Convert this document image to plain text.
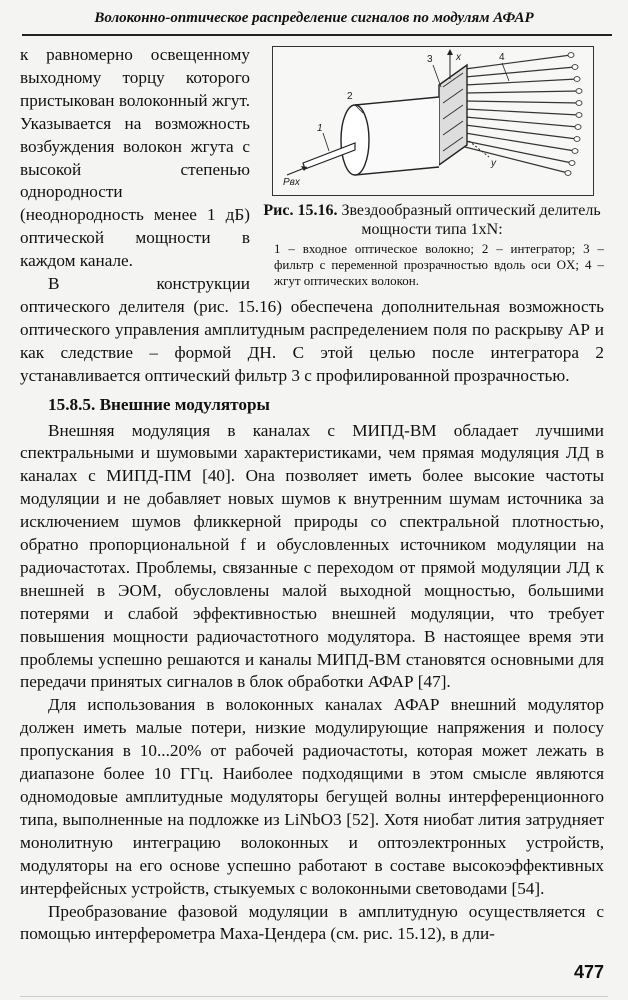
Волоконно-оптическое распределение сигналов по модулям АФАР
3	4
x
2
1
y
Pвх
Рис. 15.16. Звездообразный оптический делитель мощности типа 1xN:
1 – входное оптическое волокно; 2 – интегратор; 3 – фильтр с переменной прозрачностью вдоль оси OX; 4 – жгут оптических волокон.

к равномерно освещенному выходному торцу которого пристыкован волоконный жгут. Указывается на возможность возбуждения волокон жгута с высокой степенью однородности (неоднородность менее 1 дБ) оптической мощности в каждом канале.

В конструкции оптического делителя (рис. 15.16) обеспечена дополнительная возможность оптического управления амплитудным распределением поля по раскрыву АР и как следствие – формой ДН. С этой целью после интегратора 2 устанавливается оптический фильтр 3 с профилированной прозрачностью.

15.8.5. Внешние модуляторы

Внешняя модуляция в каналах с МИПД-ВМ обладает лучшими спектральными и шумовыми характеристиками, чем прямая модуляция ЛД в каналах с МИПД-ПМ [40]. Она позволяет иметь более высокие частоты модуляции и не добавляет новых шумов к внутренним шумам источника за исключением шумов фликкерной природы со спектральной плотностью, обратно пропорциональной f и обусловленных источником модуляции на радиочастотах. Проблемы, связанные с переходом от прямой модуляции ЛД к внешней в ЭОМ, обусловлены малой выходной мощностью, большими потерями и слабой эффективностью внешней модуляции, что требует повышения мощности радиочастотного модулятора. В настоящее время эти проблемы успешно решаются и каналы МИПД-ВМ становятся основными для передачи принятых сигналов в блок обработки АФАР [47].

Для использования в волоконных каналах АФАР внешний модулятор должен иметь малые потери, низкие модулирующие напряжения и полосу пропускания в 10...20% от рабочей радиочастоты, которая может лежать в диапазоне более 10 ГГц. Наиболее подходящими в этом смысле являются одномодовые амплитудные модуляторы бегущей волны интерференционного типа, выполненные на подложке из LiNbO3 [52]. Хотя ниобат лития затрудняет монолитную интеграцию волоконных и оптоэлектронных устройств, модуляторы на его основе успешно работают в составе высокоэффективных интерфейсных устройств, стыкуемых с волоконными световодами [54].

Преобразование фазовой модуляции в амплитудную осуществляется с помощью интерферометра Маха-Цендера (см. рис. 15.12), в дли-

477
